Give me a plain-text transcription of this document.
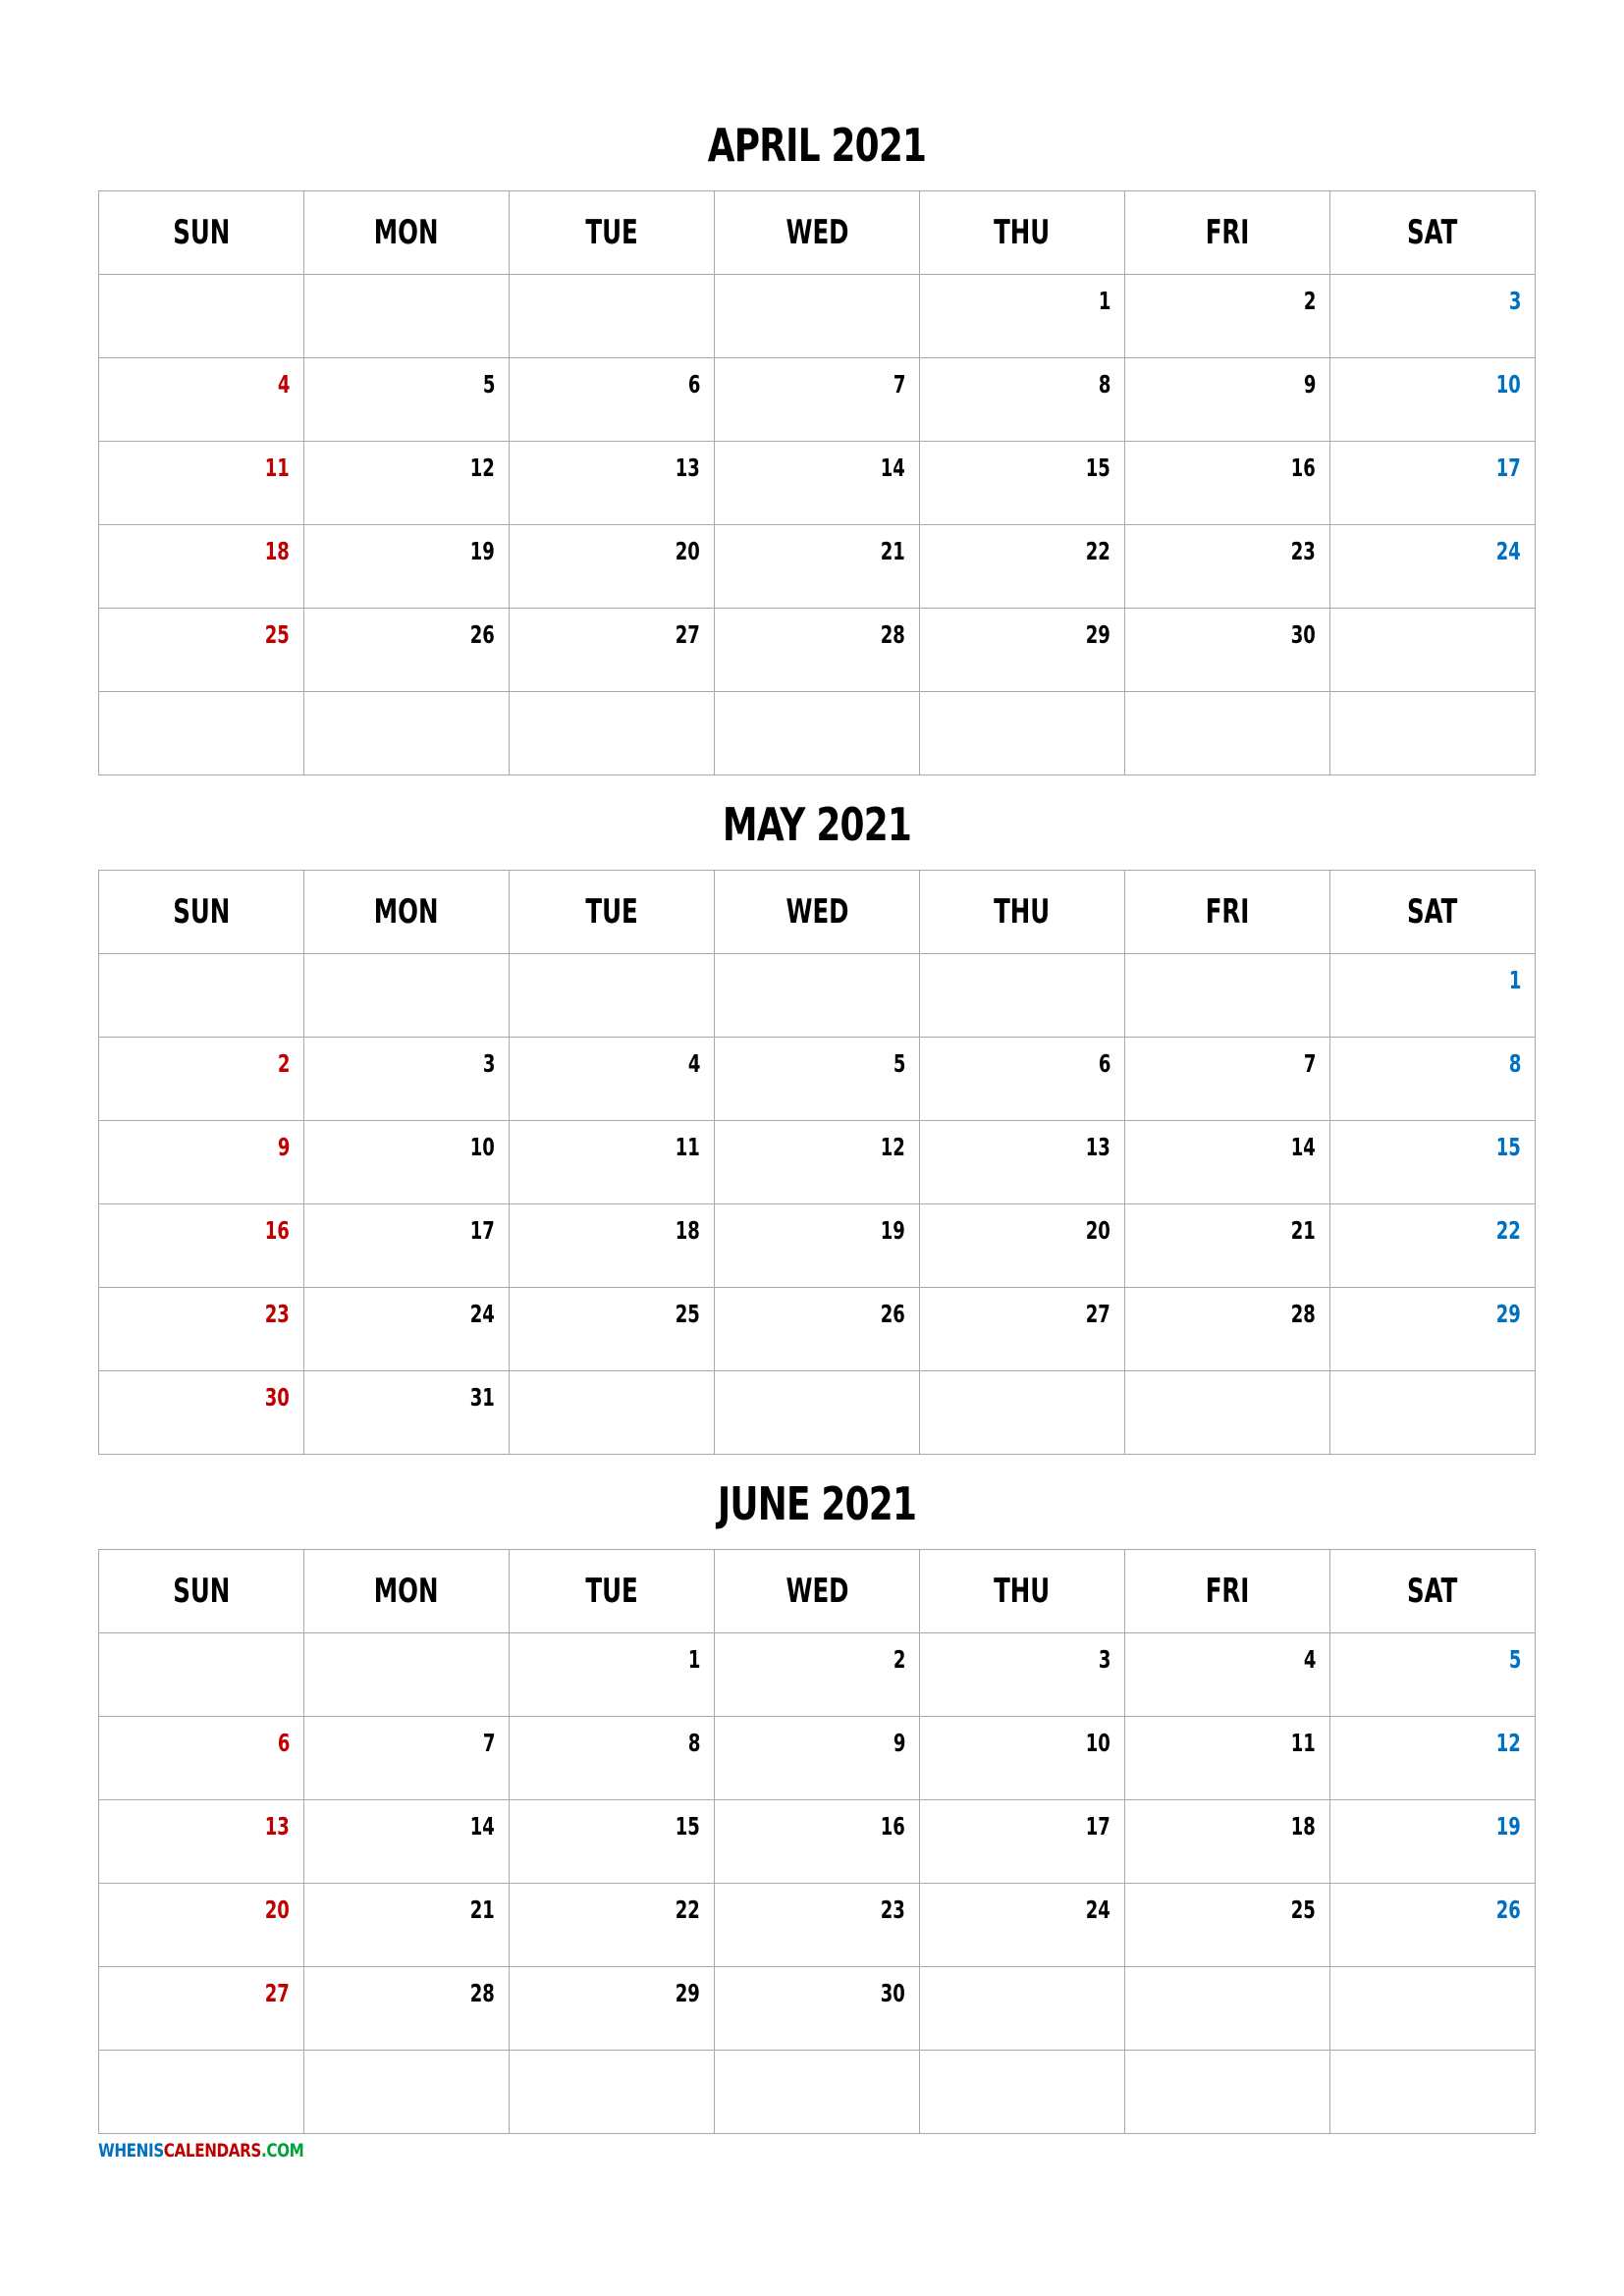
APRIL 2021
SUN	MON	TUE	WED	THU	FRI	SAT

				1	2	3

4	5	6	7	8	9	10

11	12	13	14	15	16	17

18	19	20	21	22	23	24

25	26	27	28	29	30	

MAY 2021
SUN	MON	TUE	WED	THU	FRI	SAT

						1

2	3	4	5	6	7	8

9	10	11	12	13	14	15

16	17	18	19	20	21	22

23	24	25	26	27	28	29

30	31					

JUNE 2021
SUN	MON	TUE	WED	THU	FRI	SAT

		1	2	3	4	5

6	7	8	9	10	11	12

13	14	15	16	17	18	19

20	21	22	23	24	25	26

27	28	29	30			

WHENISCALENDARS.COM
